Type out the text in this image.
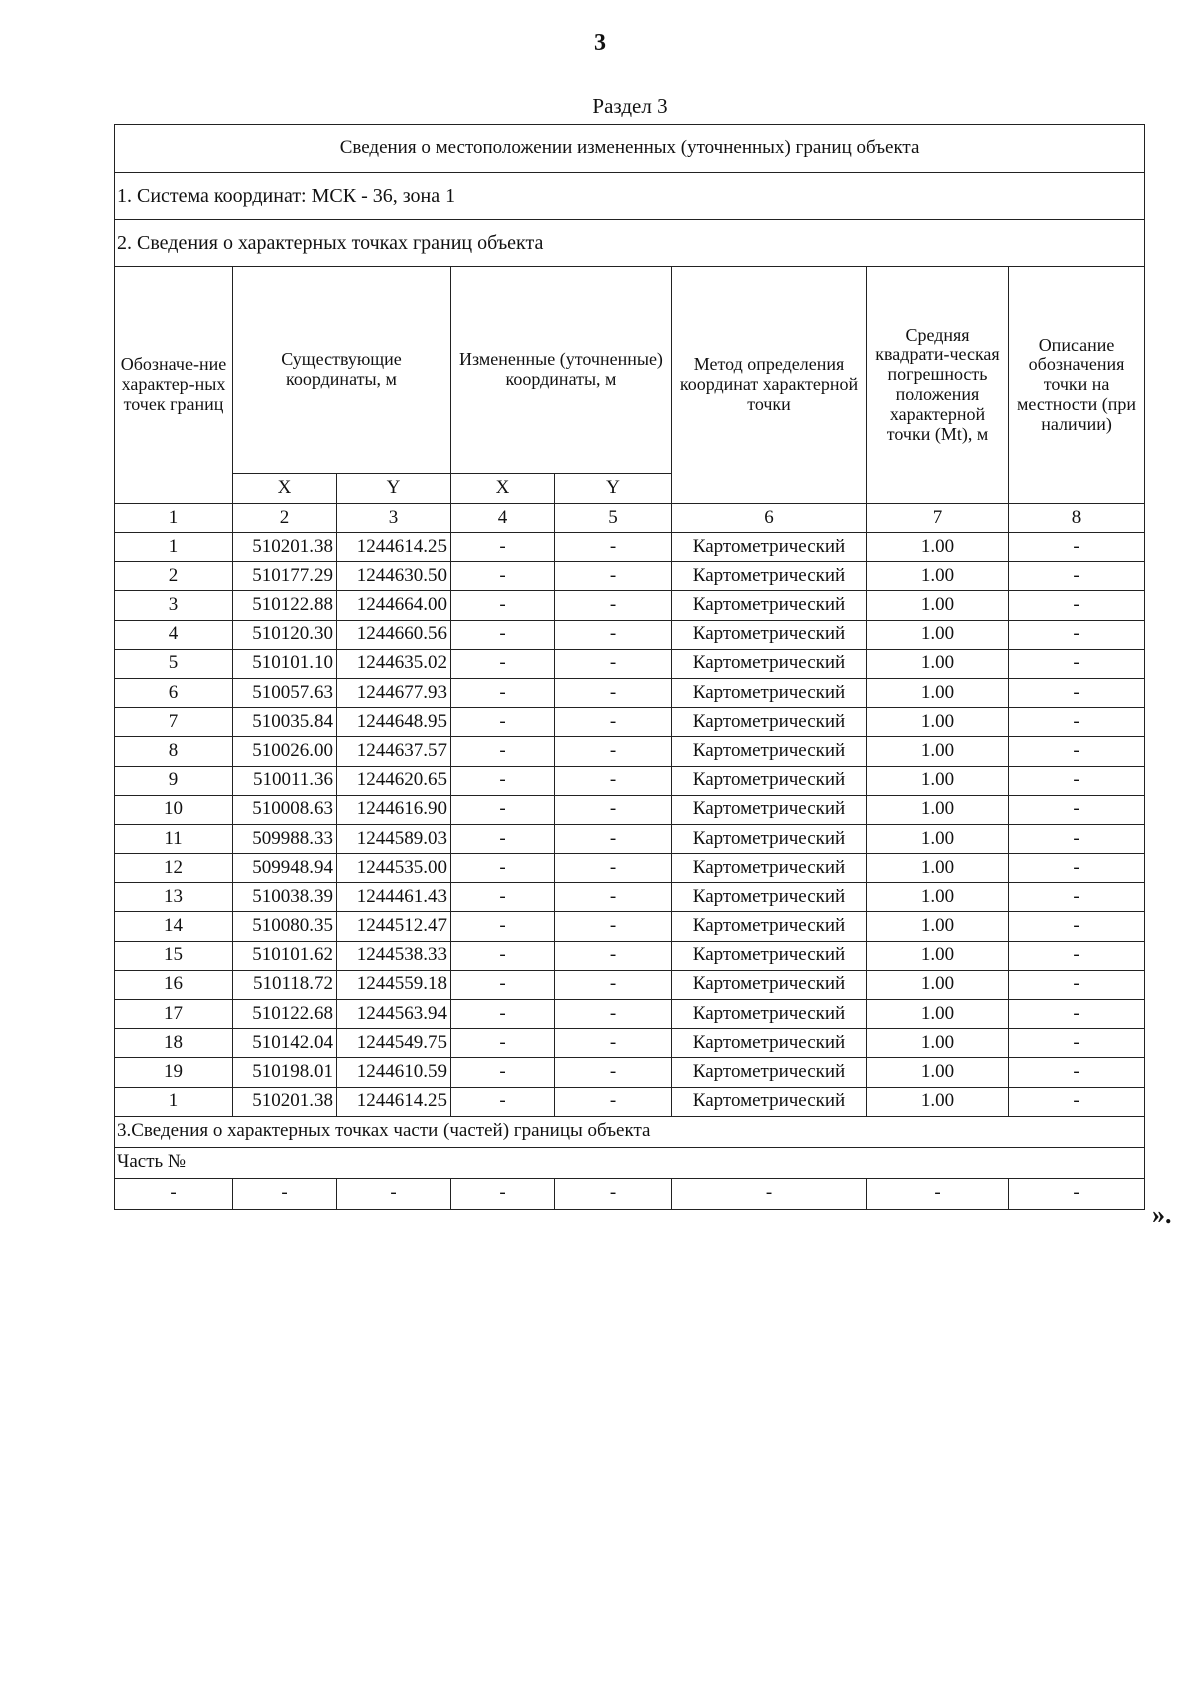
3
Раздел 3
Сведения о местоположении измененных (уточненных) границ объекта							
1. Система координат: МСК - 36, зона 1							
2. Сведения о характерных точках границ объекта							
Обозначе-ние характер-ных точек границ	Существующие координаты, м		Измененные (уточненные) координаты, м		Метод определения координат характерной точки	Средняя квадрати-ческая погрешность положения характерной точки (Mt), м	Описание обозначения точки на местности (при наличии)
	X	Y	X	Y			
1	2	3	4	5	6	7	8
1	510201.38	1244614.25	-	-	Картометрический	1.00	-
2	510177.29	1244630.50	-	-	Картометрический	1.00	-
3	510122.88	1244664.00	-	-	Картометрический	1.00	-
4	510120.30	1244660.56	-	-	Картометрический	1.00	-
5	510101.10	1244635.02	-	-	Картометрический	1.00	-
6	510057.63	1244677.93	-	-	Картометрический	1.00	-
7	510035.84	1244648.95	-	-	Картометрический	1.00	-
8	510026.00	1244637.57	-	-	Картометрический	1.00	-
9	510011.36	1244620.65	-	-	Картометрический	1.00	-
10	510008.63	1244616.90	-	-	Картометрический	1.00	-
11	509988.33	1244589.03	-	-	Картометрический	1.00	-
12	509948.94	1244535.00	-	-	Картометрический	1.00	-
13	510038.39	1244461.43	-	-	Картометрический	1.00	-
14	510080.35	1244512.47	-	-	Картометрический	1.00	-
15	510101.62	1244538.33	-	-	Картометрический	1.00	-
16	510118.72	1244559.18	-	-	Картометрический	1.00	-
17	510122.68	1244563.94	-	-	Картометрический	1.00	-
18	510142.04	1244549.75	-	-	Картометрический	1.00	-
19	510198.01	1244610.59	-	-	Картометрический	1.00	-
1	510201.38	1244614.25	-	-	Картометрический	1.00	-
3.Сведения о характерных точках части (частей) границы объекта							
Часть №							
-	-	-	-	-	-	-	-
».
